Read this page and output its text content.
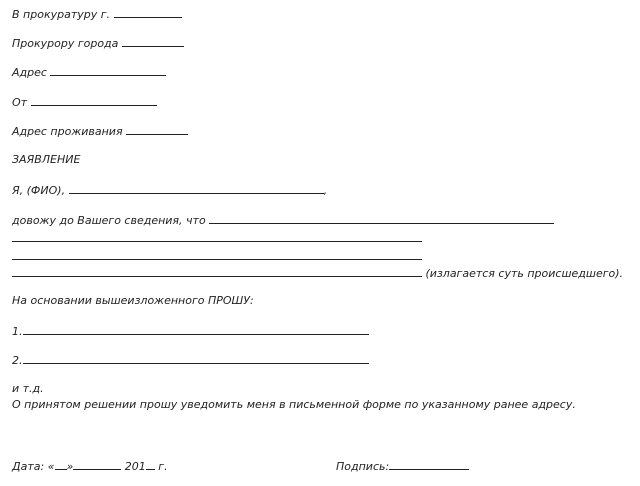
В прокуратуру г.
Прокурору города
Адрес
От
Адрес проживания
ЗАЯВЛЕНИЕ
Я, (ФИО),	,
довожу до Вашего сведения, что
(излагается суть происшедшего).
На основании вышеизложенного ПРОШУ:
1.
2.
и т.д.
О принятом решении прошу уведомить меня в письменной форме по указанному ранее адресу.
Дата: « »	201 г.	Подпись:
